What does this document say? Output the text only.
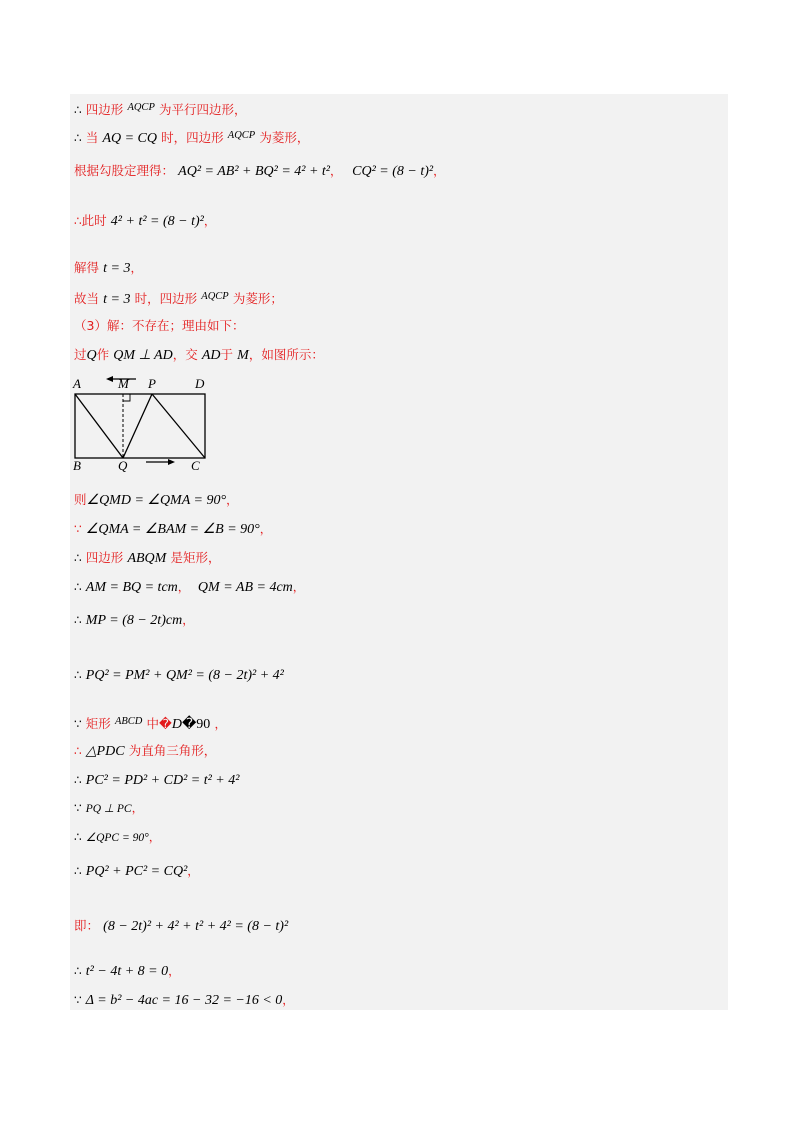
∴ 四边形 $^{AQCP}$ 为平行四边形，
∴ 当 AQ = CQ 时，四边形 $^{AQCP}$ 为菱形，
根据勾股定理得： AQ² = AB² + BQ² = 4² + t²， CQ² = (8 − t)²，
∴此时 4² + t² = (8 − t)²，
解得 t = 3，
故当 t = 3 时，四边形 $^{AQCP}$ 为菱形；
（3）解：不存在；理由如下：
过Q作 QM ⊥ AD，交 AD于 M，如图所示：
A	M P	D
B	Q	C
则∠QMD = ∠QMA = 90°，
∵ ∠QMA = ∠BAM = ∠B = 90°，
∴ 四边形 ABQM 是矩形，
∴ AM = BQ = tcm， QM = AB = 4cm，
∴ MP = (8 − 2t)cm，
∴ PQ² = PM² + QM² = (8 − 2t)² + 4²
∵ 矩形 $^{ABCD}$ 中�D�90 ，
∴ △PDC 为直角三角形，
∴ PC² = PD² + CD² = t² + 4²
∵ PQ ⊥ PC，
∴ ∠QPC = 90°，
∴ PQ² + PC² = CQ²，
即： (8 − 2t)² + 4² + t² + 4² = (8 − t)²
∴ t² − 4t + 8 = 0，
∵ Δ = b² − 4ac = 16 − 32 = −16 < 0，
